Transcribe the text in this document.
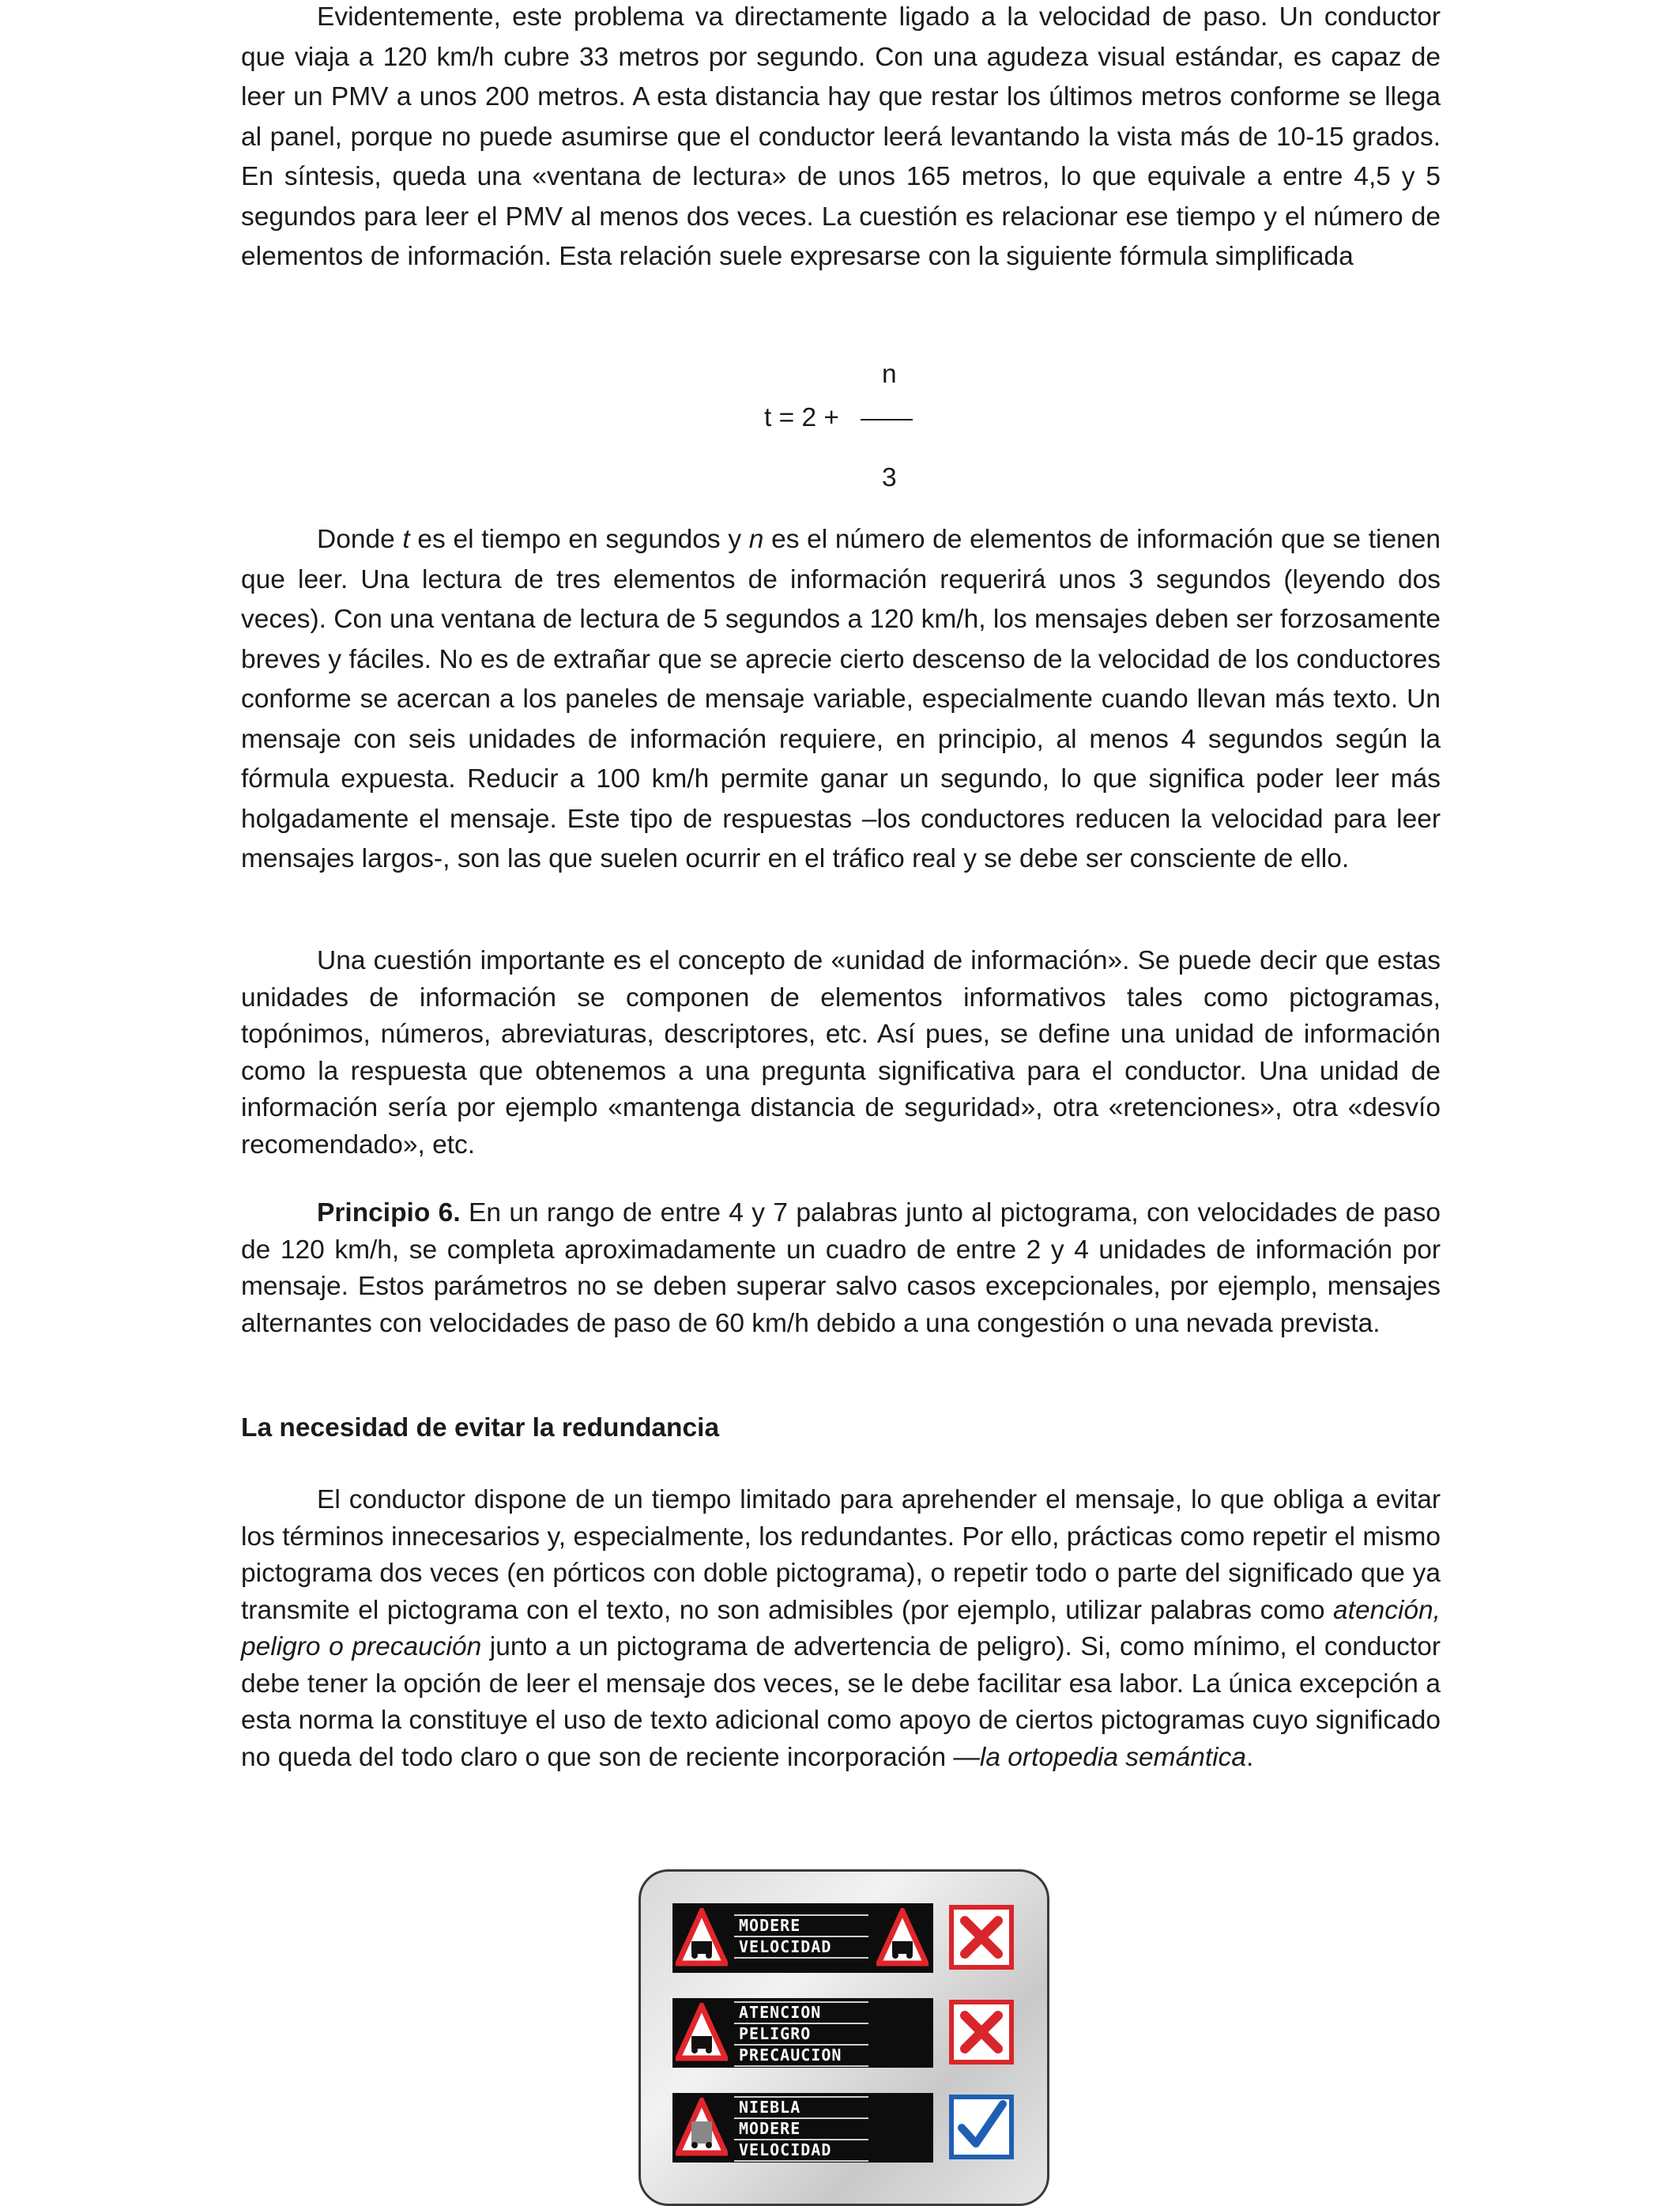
Evidentemente, este problema va directamente ligado a la velocidad de paso. Un conductor que viaja a 120 km/h cubre 33 metros por segundo. Con una agudeza visual estándar, es capaz de leer un PMV a unos 200 metros. A esta distancia hay que restar los últimos metros conforme se llega al panel, porque no puede asumirse que el conductor leerá levantando la vista más de 10-15 grados. En síntesis, queda una «ventana de lectura» de unos 165 metros, lo que equivale a entre 4,5 y 5 segundos para leer el PMV al menos dos veces. La cuestión es relacionar ese tiempo y el número de elementos de información. Esta relación suele expresarse con la siguiente fórmula simplificada

n
t = 2 +
3

Donde t es el tiempo en segundos y n es el número de elementos de información que se tienen que leer. Una lectura de tres elementos de información requerirá unos 3 segundos (leyendo dos veces). Con una ventana de lectura de 5 segundos a 120 km/h, los mensajes deben ser forzosamente breves y fáciles. No es de extrañar que se aprecie cierto descenso de la velocidad de los conductores conforme se acercan a los paneles de mensaje variable, especialmente cuando llevan más texto. Un mensaje con seis unidades de información requiere, en principio, al menos 4 segundos según la fórmula expuesta. Reducir a 100 km/h permite ganar un segundo, lo que significa poder leer más holgadamente el mensaje. Este tipo de respuestas –los conductores reducen la velocidad para leer mensajes largos-, son las que suelen ocurrir en el tráfico real y se debe ser consciente de ello.

Una cuestión importante es el concepto de «unidad de información». Se puede decir que estas unidades de información se componen de elementos informativos tales como pictogramas, topónimos, números, abreviaturas, descriptores, etc. Así pues, se define una unidad de información como la respuesta que obtenemos a una pregunta significativa para el conductor. Una unidad de información sería por ejemplo «mantenga distancia de seguridad», otra «retenciones», otra «desvío recomendado», etc.

Principio 6. En un rango de entre 4 y 7 palabras junto al pictograma, con velocidades de paso de 120 km/h, se completa aproximadamente un cuadro de entre 2 y 4 unidades de información por mensaje. Estos parámetros no se deben superar salvo casos excepcionales, por ejemplo, mensajes alternantes con velocidades de paso de 60 km/h debido a una congestión o una nevada prevista.

La necesidad de evitar la redundancia

El conductor dispone de un tiempo limitado para aprehender el mensaje, lo que obliga a evitar los términos innecesarios y, especialmente, los redundantes. Por ello, prácticas como repetir el mismo pictograma dos veces (en pórticos con doble pictograma), o repetir todo o parte del significado que ya transmite el pictograma con el texto, no son admisibles (por ejemplo, utilizar palabras como atención, peligro o precaución junto a un pictograma de advertencia de peligro). Si, como mínimo, el conductor debe tener la opción de leer el mensaje dos veces, se le debe facilitar esa labor. La única excepción a esta norma la constituye el uso de texto adicional como apoyo de ciertos pictogramas cuyo significado no queda del todo claro o que son de reciente incorporación —la ortopedia semántica.

MODERE
VELOCIDAD
ATENCION
PELIGRO
PRECAUCION
NIEBLA
MODERE
VELOCIDAD
